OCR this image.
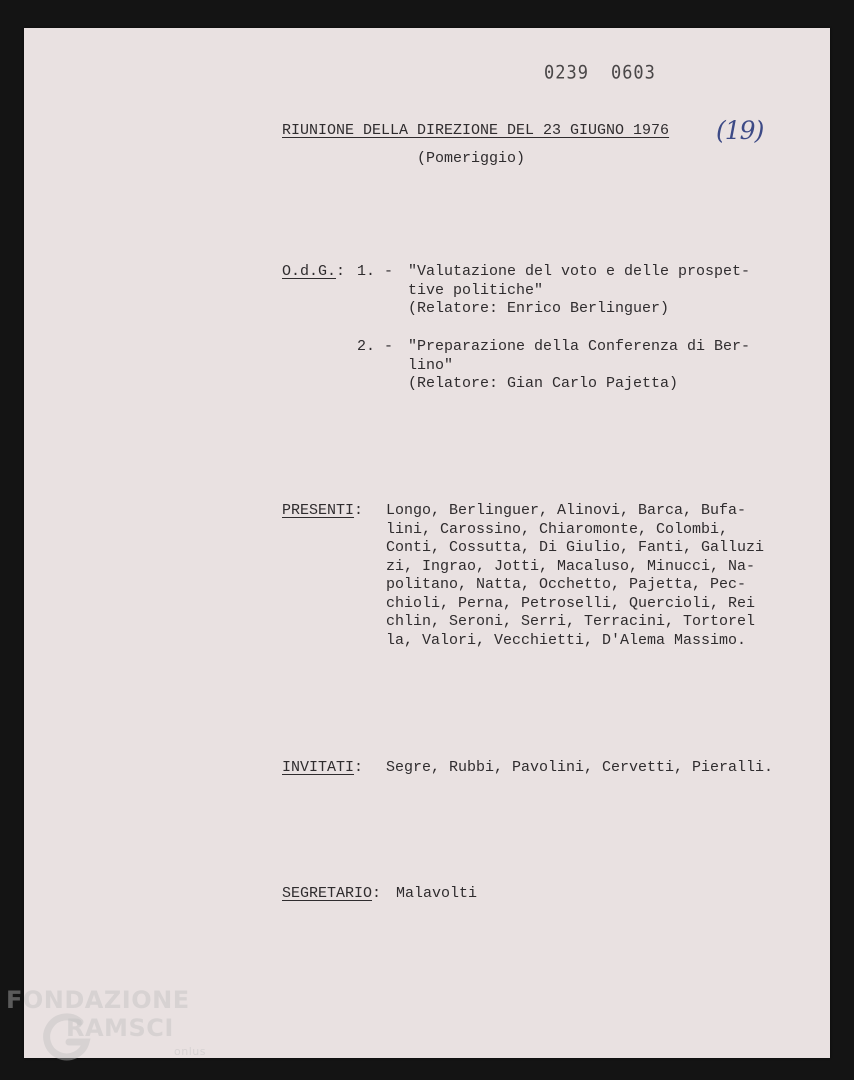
0239 0603
(19)
RIUNIONE DELLA DIREZIONE DEL 23 GIUGNO 1976
(Pomeriggio)
O.d.G.: 1. - "Valutazione del voto e delle prospet-
tive politiche"
(Relatore: Enrico Berlinguer)
2. - "Preparazione della Conferenza di Ber-
lino"
(Relatore: Gian Carlo Pajetta)
PRESENTI: Longo, Berlinguer, Alinovi, Barca, Bufa-
lini, Carossino, Chiaromonte, Colombi,
Conti, Cossutta, Di Giulio, Fanti, Galluzi
zi, Ingrao, Jotti, Macaluso, Minucci, Na-
politano, Natta, Occhetto, Pajetta, Pec-
chioli, Perna, Petroselli, Quercioli, Rei
chlin, Seroni, Serri, Terracini, Tortorel
la, Valori, Vecchietti, D'Alema Massimo.
INVITATI: Segre, Rubbi, Pavolini, Cervetti, Pieralli.
SEGRETARIO: Malavolti
FONDAZIONE
RAMSCI
onlus
